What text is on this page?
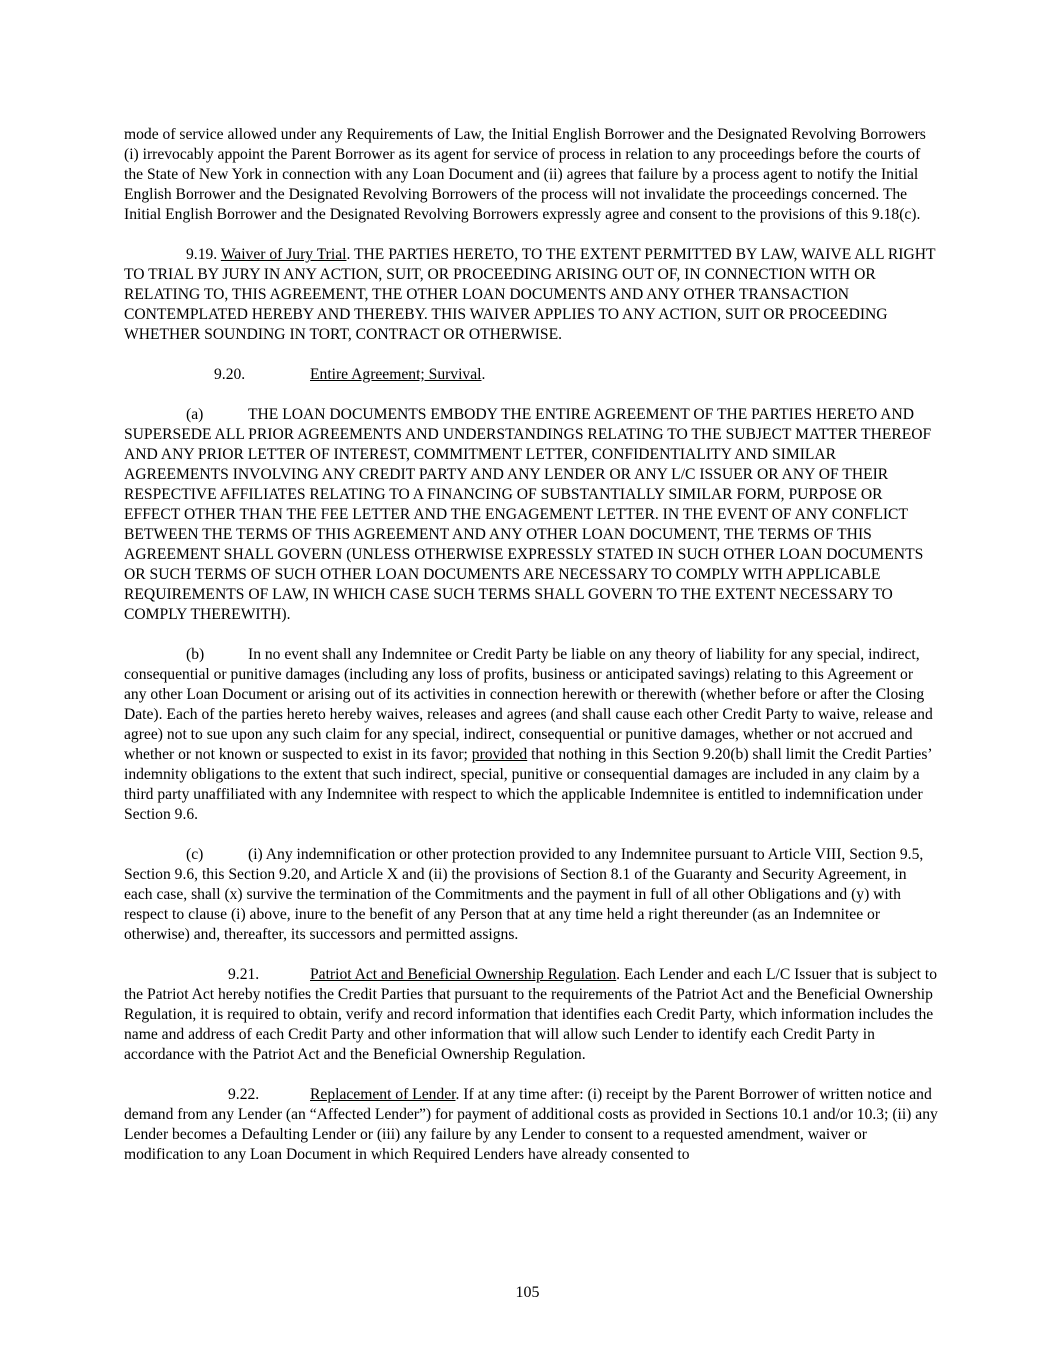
mode of service allowed under any Requirements of Law, the Initial English Borrower and the Designated Revolving Borrowers (i) irrevocably appoint the Parent Borrower as its agent for service of process in relation to any proceedings before the courts of the State of New York in connection with any Loan Document and (ii) agrees that failure by a process agent to notify the Initial English Borrower and the Designated Revolving Borrowers of the process will not invalidate the proceedings concerned. The Initial English Borrower and the Designated Revolving Borrowers expressly agree and consent to the provisions of this 9.18(c).

9.19. Waiver of Jury Trial. THE PARTIES HERETO, TO THE EXTENT PERMITTED BY LAW, WAIVE ALL RIGHT TO TRIAL BY JURY IN ANY ACTION, SUIT, OR PROCEEDING ARISING OUT OF, IN CONNECTION WITH OR RELATING TO, THIS AGREEMENT, THE OTHER LOAN DOCUMENTS AND ANY OTHER TRANSACTION CONTEMPLATED HEREBY AND THEREBY. THIS WAIVER APPLIES TO ANY ACTION, SUIT OR PROCEEDING WHETHER SOUNDING IN TORT, CONTRACT OR OTHERWISE.

9.20.	Entire Agreement; Survival.

(a)	THE LOAN DOCUMENTS EMBODY THE ENTIRE AGREEMENT OF THE PARTIES HERETO AND SUPERSEDE ALL PRIOR AGREEMENTS AND UNDERSTANDINGS RELATING TO THE SUBJECT MATTER THEREOF AND ANY PRIOR LETTER OF INTEREST, COMMITMENT LETTER, CONFIDENTIALITY AND SIMILAR AGREEMENTS INVOLVING ANY CREDIT PARTY AND ANY LENDER OR ANY L/C ISSUER OR ANY OF THEIR RESPECTIVE AFFILIATES RELATING TO A FINANCING OF SUBSTANTIALLY SIMILAR FORM, PURPOSE OR EFFECT OTHER THAN THE FEE LETTER AND THE ENGAGEMENT LETTER. IN THE EVENT OF ANY CONFLICT BETWEEN THE TERMS OF THIS AGREEMENT AND ANY OTHER LOAN DOCUMENT, THE TERMS OF THIS AGREEMENT SHALL GOVERN (UNLESS OTHERWISE EXPRESSLY STATED IN SUCH OTHER LOAN DOCUMENTS OR SUCH TERMS OF SUCH OTHER LOAN DOCUMENTS ARE NECESSARY TO COMPLY WITH APPLICABLE REQUIREMENTS OF LAW, IN WHICH CASE SUCH TERMS SHALL GOVERN TO THE EXTENT NECESSARY TO COMPLY THEREWITH).

(b)	In no event shall any Indemnitee or Credit Party be liable on any theory of liability for any special, indirect, consequential or punitive damages (including any loss of profits, business or anticipated savings) relating to this Agreement or any other Loan Document or arising out of its activities in connection herewith or therewith (whether before or after the Closing Date). Each of the parties hereto hereby waives, releases and agrees (and shall cause each other Credit Party to waive, release and agree) not to sue upon any such claim for any special, indirect, consequential or punitive damages, whether or not accrued and whether or not known or suspected to exist in its favor; provided that nothing in this Section 9.20(b) shall limit the Credit Parties’ indemnity obligations to the extent that such indirect, special, punitive or consequential damages are included in any claim by a third party unaffiliated with any Indemnitee with respect to which the applicable Indemnitee is entitled to indemnification under Section 9.6.

(c)	(i) Any indemnification or other protection provided to any Indemnitee pursuant to Article VIII, Section 9.5, Section 9.6, this Section 9.20, and Article X and (ii) the provisions of Section 8.1 of the Guaranty and Security Agreement, in each case, shall (x) survive the termination of the Commitments and the payment in full of all other Obligations and (y) with respect to clause (i) above, inure to the benefit of any Person that at any time held a right thereunder (as an Indemnitee or otherwise) and, thereafter, its successors and permitted assigns.

9.21.	Patriot Act and Beneficial Ownership Regulation. Each Lender and each L/C Issuer that is subject to the Patriot Act hereby notifies the Credit Parties that pursuant to the requirements of the Patriot Act and the Beneficial Ownership Regulation, it is required to obtain, verify and record information that identifies each Credit Party, which information includes the name and address of each Credit Party and other information that will allow such Lender to identify each Credit Party in accordance with the Patriot Act and the Beneficial Ownership Regulation.

9.22.	Replacement of Lender. If at any time after: (i) receipt by the Parent Borrower of written notice and demand from any Lender (an “Affected Lender”) for payment of additional costs as provided in Sections 10.1 and/or 10.3; (ii) any Lender becomes a Defaulting Lender or (iii) any failure by any Lender to consent to a requested amendment, waiver or modification to any Loan Document in which Required Lenders have already consented to

105
